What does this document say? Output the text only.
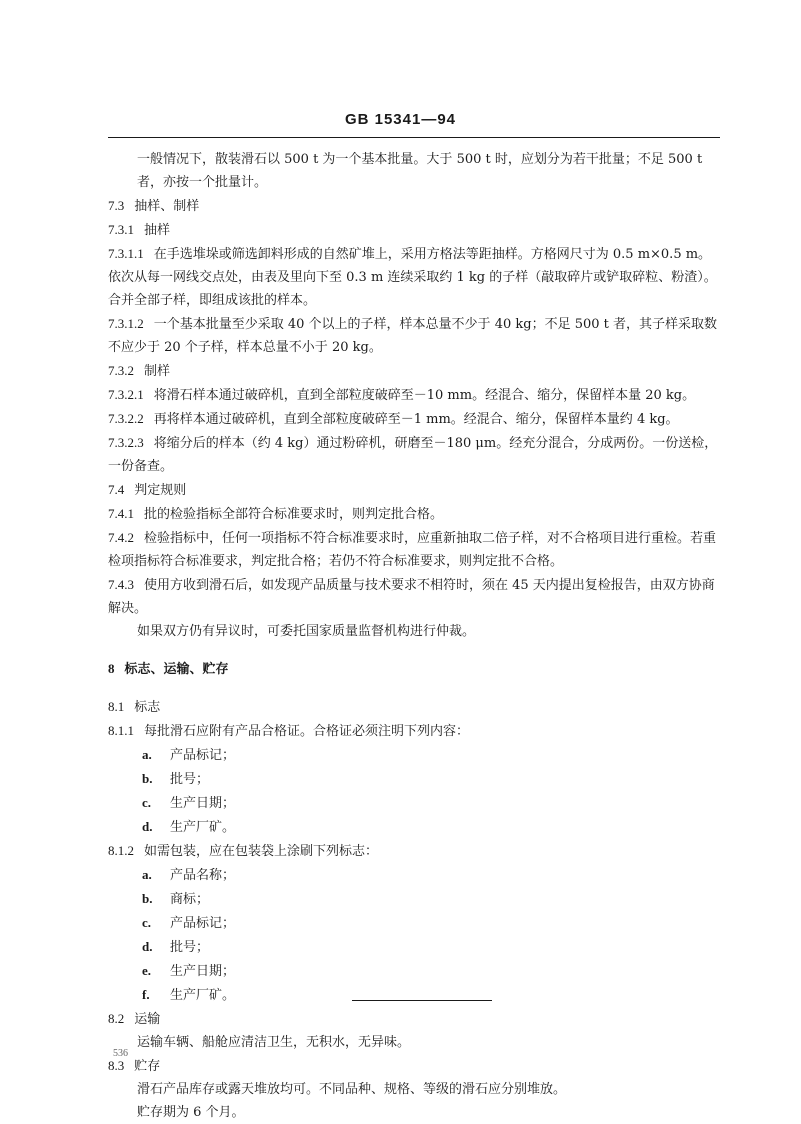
GB 15341—94
一般情况下，散装滑石以 500 t 为一个基本批量。大于 500 t 时，应划分为若干批量；不足 500 t 者，亦按一个批量计。
7.3 抽样、制样
7.3.1 抽样
7.3.1.1 在手选堆垛或筛选卸料形成的自然矿堆上，采用方格法等距抽样。方格网尺寸为 0.5 m×0.5 m。依次从每一网线交点处，由表及里向下至 0.3 m 连续采取约 1 kg 的子样（敲取碎片或铲取碎粒、粉渣）。合并全部子样，即组成该批的样本。
7.3.1.2 一个基本批量至少采取 40 个以上的子样，样本总量不少于 40 kg；不足 500 t 者，其子样采取数不应少于 20 个子样，样本总量不小于 20 kg。
7.3.2 制样
7.3.2.1 将滑石样本通过破碎机，直到全部粒度破碎至－10 mm。经混合、缩分，保留样本量 20 kg。
7.3.2.2 再将样本通过破碎机，直到全部粒度破碎至－1 mm。经混合、缩分，保留样本量约 4 kg。
7.3.2.3 将缩分后的样本（约 4 kg）通过粉碎机，研磨至－180 μm。经充分混合，分成两份。一份送检，一份备查。
7.4 判定规则
7.4.1 批的检验指标全部符合标准要求时，则判定批合格。
7.4.2 检验指标中，任何一项指标不符合标准要求时，应重新抽取二倍子样，对不合格项目进行重检。若重检项指标符合标准要求，判定批合格；若仍不符合标准要求，则判定批不合格。
7.4.3 使用方收到滑石后，如发现产品质量与技术要求不相符时，须在 45 天内提出复检报告，由双方协商解决。
如果双方仍有异议时，可委托国家质量监督机构进行仲裁。
8 标志、运输、贮存
8.1 标志
8.1.1 每批滑石应附有产品合格证。合格证必须注明下列内容：
a. 产品标记；
b. 批号；
c. 生产日期；
d. 生产厂矿。
8.1.2 如需包装，应在包装袋上涂刷下列标志：
a. 产品名称；
b. 商标；
c. 产品标记；
d. 批号；
e. 生产日期；
f. 生产厂矿。
8.2 运输
运输车辆、船舱应清洁卫生，无积水，无异味。
8.3 贮存
滑石产品库存或露天堆放均可。不同品种、规格、等级的滑石应分别堆放。
贮存期为 6 个月。
536
